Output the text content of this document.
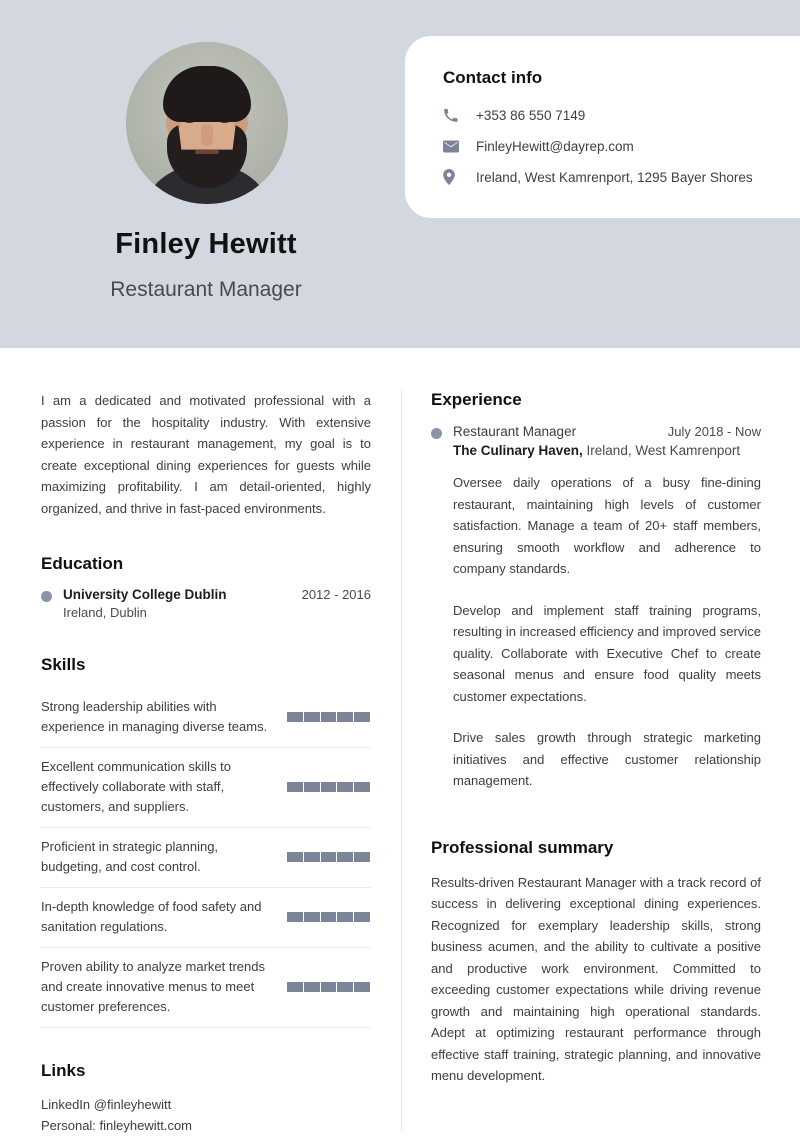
Finley Hewitt
Restaurant Manager
Contact info
+353 86 550 7149
FinleyHewitt@dayrep.com
Ireland, West Kamrenport, 1295 Bayer Shores
I am a dedicated and motivated professional with a passion for the hospitality industry. With extensive experience in restaurant management, my goal is to create exceptional dining experiences for guests while maximizing profitability. I am detail-oriented, highly organized, and thrive in fast-paced environments.
Education
University College Dublin	2012 - 2016
Ireland, Dublin
Skills
Strong leadership abilities with experience in managing diverse teams.
Excellent communication skills to effectively collaborate with staff, customers, and suppliers.
Proficient in strategic planning, budgeting, and cost control.
In-depth knowledge of food safety and sanitation regulations.
Proven ability to analyze market trends and create innovative menus to meet customer preferences.
Links
LinkedIn @finleyhewitt
Personal: finleyhewitt.com
Experience
Restaurant Manager	July 2018 - Now
The Culinary Haven, Ireland, West Kamrenport
Oversee daily operations of a busy fine-dining restaurant, maintaining high levels of customer satisfaction. Manage a team of 20+ staff members, ensuring smooth workflow and adherence to company standards.
Develop and implement staff training programs, resulting in increased efficiency and improved service quality. Collaborate with Executive Chef to create seasonal menus and ensure food quality meets customer expectations.
Drive sales growth through strategic marketing initiatives and effective customer relationship management.
Professional summary
Results-driven Restaurant Manager with a track record of success in delivering exceptional dining experiences. Recognized for exemplary leadership skills, strong business acumen, and the ability to cultivate a positive and productive work environment. Committed to exceeding customer expectations while driving revenue growth and maintaining high operational standards. Adept at optimizing restaurant performance through effective staff training, strategic planning, and innovative menu development.
